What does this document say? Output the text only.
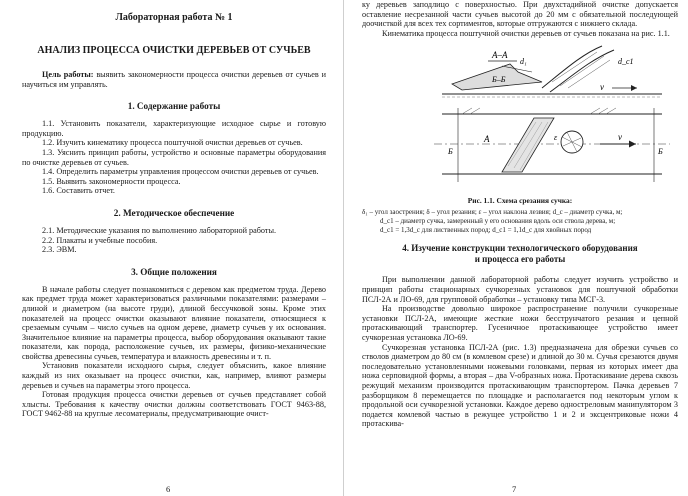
Лабораторная работа № 1
АНАЛИЗ ПРОЦЕССА ОЧИСТКИ ДЕРЕВЬЕВ ОТ СУЧЬЕВ

Цель работы: выявить закономерности процесса очистки деревьев от сучьев и научиться им управлять.

1. Содержание работы

1.1. Установить показатели, характеризующие исходное сырье и готовую продукцию.

1.2. Изучить кинематику процесса поштучной очистки деревьев от сучьев.

1.3. Уяснить принцип работы, устройство и основные параметры оборудования по очистке деревьев от сучьев.

1.4. Определить параметры управления процессом очистки деревьев от сучьев.

1.5. Выявить закономерности процесса.

1.6. Составить отчет.

2. Методическое обеспечение

2.1. Методические указания по выполнению лабораторной работы.

2.2. Плакаты и учебные пособия.

2.3. ЭВМ.

3. Общие положения

В начале работы следует познакомиться с деревом как предметом труда. Дерево как предмет труда может характеризоваться различными показателями: размерами – длиной и диаметром (на высоте груди), длиной бессучковой зоны. Кроме этих показателей на процесс очистки оказывают влияние показатели, относящиеся к срезаемым сучьям – число сучьев на одном дереве, диаметр сучьев у их основания. Значительное влияние на параметры процесса, выбор оборудования оказывают такие показатели, как порода, расположение сучьев, их размеры, физико-механические свойства древесины сучьев, температура и влажность древесины и т. п.

Установив показатели исходного сырья, следует объяснить, какое влияние каждый из них оказывает на процесс очистки, как, например, влияют размеры деревьев и сучьев на параметры этого процесса.

Готовая продукция процесса очистки деревьев от сучьев представляет собой хлысты. Требования к качеству очистки должны соответствовать ГОСТ 9463-88, ГОСТ 9462-88 на круглые лесоматериалы, предусматривающие очист-

6

ку деревьев заподлицо с поверхностью. При двухстадийной очистке допускается оставление несрезанной части сучьев высотой до 20 мм с обязательной последующей доочисткой для всех тех сортиментов, которые отгружаются с нижнего склада.

Кинематика процесса поштучной очистки деревьев от сучьев показана на рис. 1.1.

А–А
d₁
Б–Б
d_c1
v
Б	Б
А	ε	v
Рис. 1.1. Схема срезания сучка:
δ₁ – угол заострения; δ – угол резания; ε – угол наклона лезвия; d_c – диаметр сучка, м;
d_c1 – диаметр сучка, замеренный у его основания вдоль оси ствола дерева, м;
d_c1 = 1,3d_c для лиственных пород; d_c1 = 1,1d_c для хвойных пород
4. Изучение конструкции технологического оборудования
и процесса его работы

При выполнении данной лабораторной работы следует изучить устройство и принцип работы стационарных сучкорезных установок для поштучной обработки ПСЛ-2А и ЛО-69, для групповой обработки – установку типа МСГ-3.

На производстве довольно широкое распространение получили сучкорезные установки ПСЛ-2А, имеющие жесткие ножи бесструнчатого резания и цепной протаскивающий транспортер. Гусеничное протаскивающее устройство имеет сучкорезная установка ЛО-69.

Сучкорезная установка ПСЛ-2А (рис. 1.3) предназначена для обрезки сучьев со стволов диаметром до 80 см (в комлевом срезе) и длиной до 30 м. Сучья срезаются двумя последовательно установленными ножевыми головками, первая из которых имеет два ножа серповидной формы, а вторая – два V-образных ножа. Протаскивание дерева сквозь режущий механизм производится протаскивающим транспортером. Пачка деревьев 7 разборщиком 8 перемещается по площадке и располагается под некоторым углом к продольной оси сучкорезной установки. Каждое дерево одностреловым манипулятором 3 подается комлевой частью в режущее устройство 1 и 2 и эксцентриковые ножи 4 протаскива-

7
